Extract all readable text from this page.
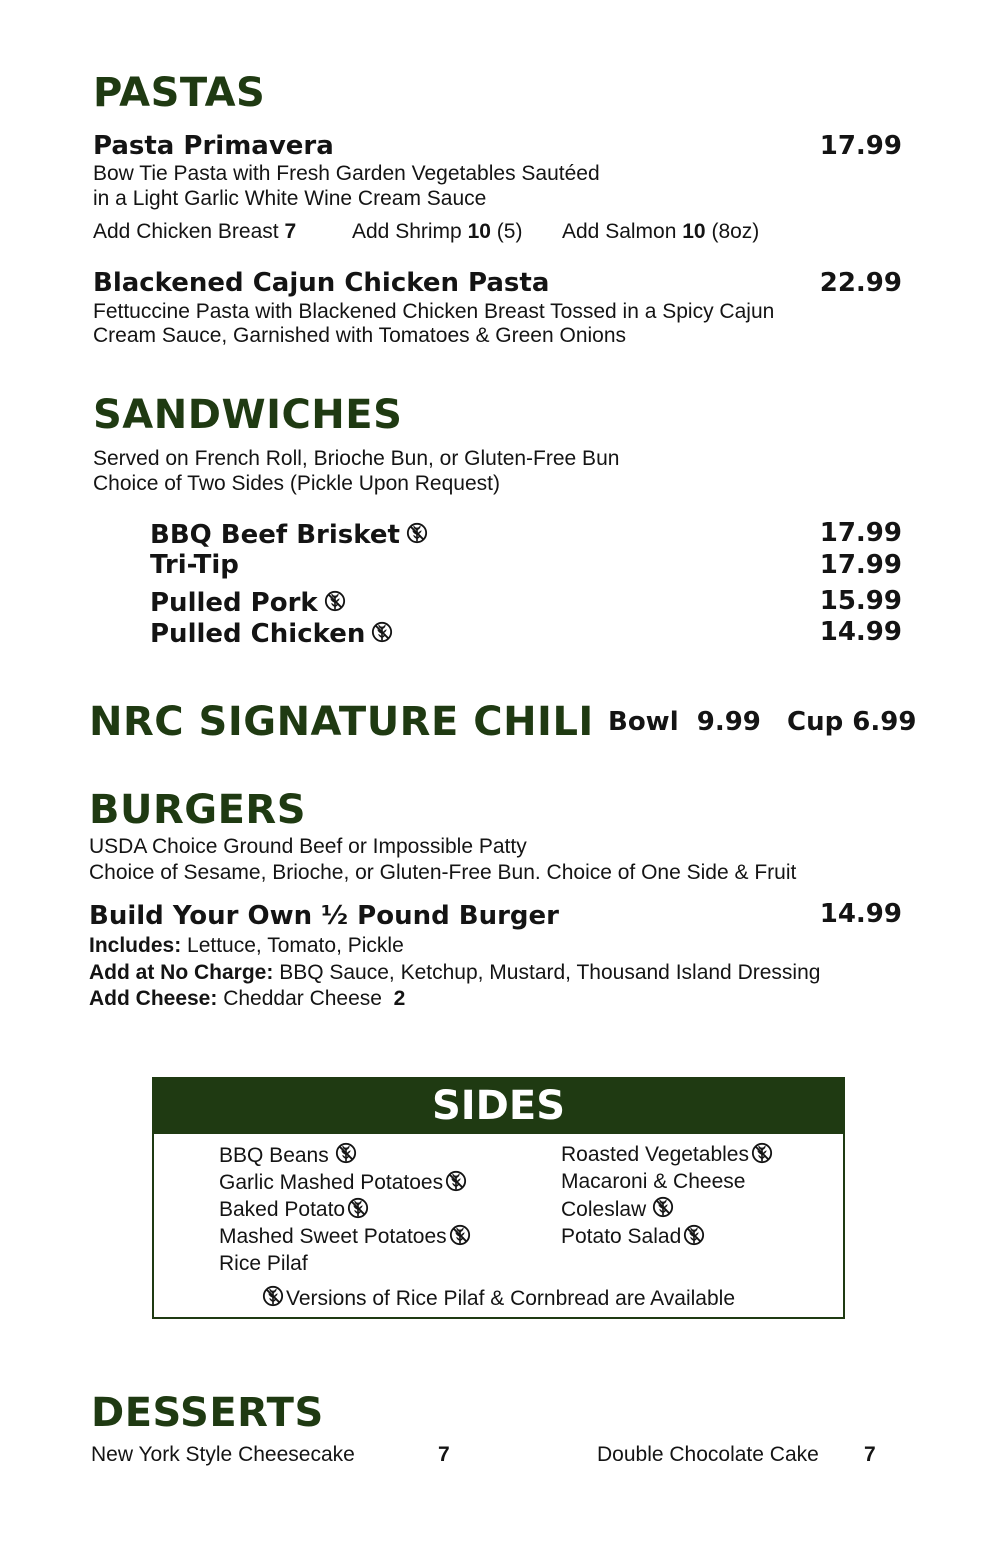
PASTAS
Pasta Primavera	17.99
Bow Tie Pasta with Fresh Garden Vegetables Sautéed
in a Light Garlic White Wine Cream Sauce
Add Chicken Breast 7	Add Shrimp 10 (5) Add Salmon 10 (8oz)
Blackened Cajun Chicken Pasta	22.99
Fettuccine Pasta with Blackened Chicken Breast Tossed in a Spicy Cajun
Cream Sauce, Garnished with Tomatoes & Green Onions
SANDWICHES
Served on French Roll, Brioche Bun, or Gluten-Free Bun
Choice of Two Sides (Pickle Upon Request)
BBQ Beef Brisket	17.99
Tri-Tip	17.99
Pulled Pork	15.99
Pulled Chicken	14.99
NRC SIGNATURE CHILI Bowl 9.99 Cup 6.99
BURGERS
USDA Choice Ground Beef or Impossible Patty
Choice of Sesame, Brioche, or Gluten-Free Bun. Choice of One Side & Fruit
Build Your Own ½ Pound Burger	14.99
Includes: Lettuce, Tomato, Pickle
Add at No Charge: BBQ Sauce, Ketchup, Mustard, Thousand Island Dressing
Add Cheese: Cheddar Cheese 2
SIDES
BBQ Beans
Garlic Mashed Potatoes
Baked Potato
Mashed Sweet Potatoes
Rice Pilaf
Roasted Vegetables
Macaroni & Cheese
Coleslaw
Potato Salad
Versions of Rice Pilaf & Cornbread are Available
DESSERTS
New York Style Cheesecake	7	Double Chocolate Cake 7
